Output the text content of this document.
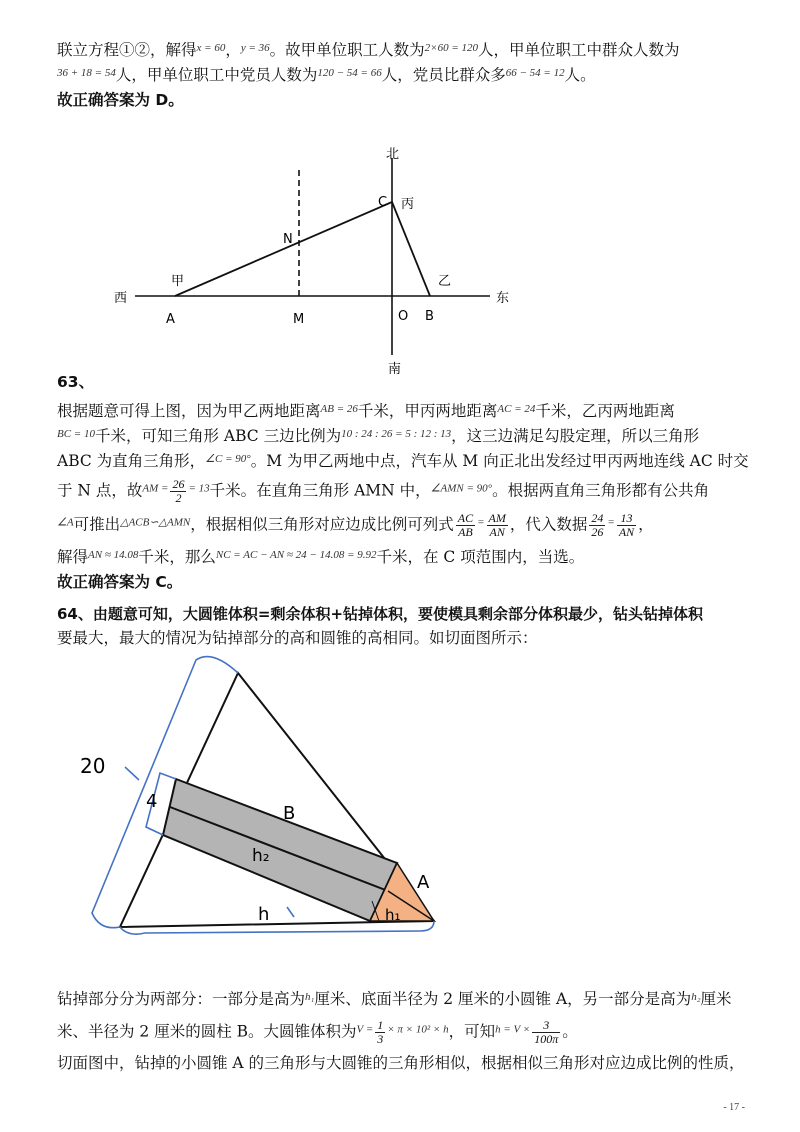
联立方程①②，解得$^{x = 60}$，$^{y = 36}$。故甲单位职工人数为$^{2\times 60 = 120}$人，甲单位职工中群众人数为
$^{36 + 18 = 54}$人，甲单位职工中党员人数为$^{120 - 54 = 66}$人，党员比群众多$^{66 - 54 = 12}$人。
故正确答案为 D。
北
南
西	东
甲	乙
丙
A	B
C
M
N
O
63、
根据题意可得上图，因为甲乙两地距离$^{AB = 26}$千米，甲丙两地距离$^{AC = 24}$千米，乙丙两地距离
$^{BC = 10}$千米，可知三角形 ABC 三边比例为$^{10 : 24 : 26 = 5 : 12 : 13}$，这三边满足勾股定理，所以三角形
ABC 为直角三角形，$^{\angle C = 90^\circ}$。M 为甲乙两地中点，汽车从 M 向正北出发经过甲丙两地连线 AC 时交
于 N 点，故$^{AM =} \frac{26}{2} ^{= 13}$千米。在直角三角形 AMN 中，$^{\angle AMN = 90^\circ}$。根据两直角三角形都有公共角
$^{\angle A}$可推出$^{\triangle ACB∽\triangle AMN}$，根据相似三角形对应边成比例可列式 $\frac{AC}{AB} ^= \frac{AM}{AN}$ ，代入数据 $\frac{24}{26} ^= \frac{13}{AN}$ ，
解得$^{AN \approx 14.08}$千米，那么$^{NC = AC - AN \approx 24 - 14.08 = 9.92}$千米，在 C 项范围内，当选。
故正确答案为 C。
64、由题意可知，大圆锥体积=剩余体积+钻掉体积，要使模具剩余部分体积最少，钻头钻掉体积
要最大，最大的情况为钻掉部分的高和圆锥的高相同。如切面图所示：
20
4
B
h₂
h
A
h₁
钻掉部分分为两部分：一部分是高为$^{h_1}$厘米、底面半径为 2 厘米的小圆锥 A，另一部分是高为$^{h_2}$厘米
米、半径为 2 厘米的圆柱 B。大圆锥体积为$^{V =} \frac{1}{3} ^{\times \pi \times 10^2 \times h}$，可知$^{h = V \times} \frac{3}{100\pi}$ 。
切面图中，钻掉的小圆锥 A 的三角形与大圆锥的三角形相似，根据相似三角形对应边成比例的性质，
- 17 -
